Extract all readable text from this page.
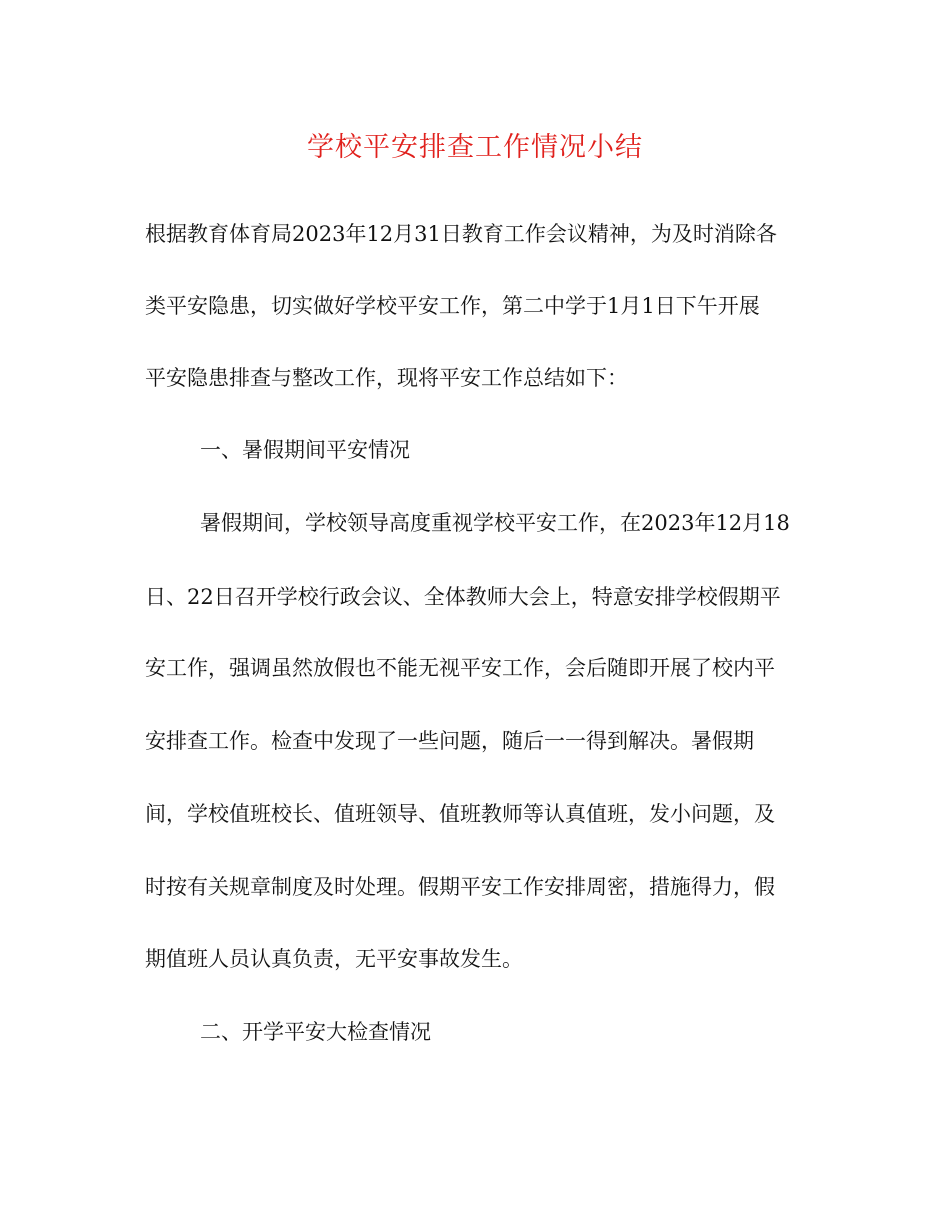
学校平安排查工作情况小结
根据教育体育局2023年12月31日教育工作会议精神，为及时消除各
类平安隐患，切实做好学校平安工作，第二中学于1月1日下午开展
平安隐患排查与整改工作，现将平安工作总结如下：
一、暑假期间平安情况
暑假期间，学校领导高度重视学校平安工作，在2023年12月18
日、22日召开学校行政会议、全体教师大会上，特意安排学校假期平
安工作，强调虽然放假也不能无视平安工作，会后随即开展了校内平
安排查工作。检查中发现了一些问题，随后一一得到解决。暑假期
间，学校值班校长、值班领导、值班教师等认真值班，发小问题，及
时按有关规章制度及时处理。假期平安工作安排周密，措施得力，假
期值班人员认真负责，无平安事故发生。
二、开学平安大检查情况
